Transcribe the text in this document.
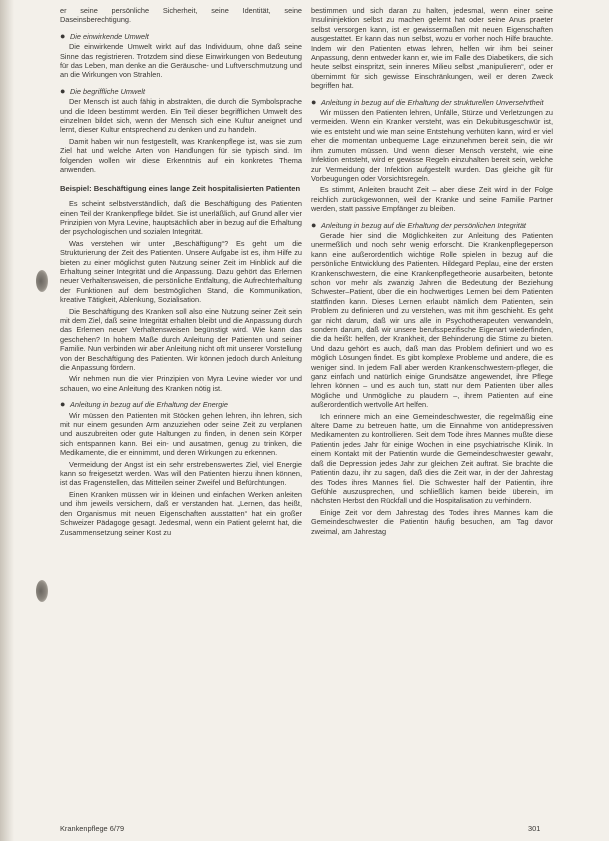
er seine persönliche Sicherheit, seine Identität, seine Daseinsberechtigung.

● Die einwirkende Umwelt

Die einwirkende Umwelt wirkt auf das Individuum, ohne daß seine Sinne das registrieren. Trotzdem sind diese Einwirkungen von Bedeutung für das Leben, man denke an die Geräusche- und Luftverschmutzung und an die Wirkungen von Strahlen.

● Die begriffliche Umwelt

Der Mensch ist auch fähig in abstrakten, die durch die Symbolsprache und die Ideen bestimmt werden. Ein Teil dieser begrifflichen Umwelt des einzelnen bildet sich, wenn der Mensch sich eine Kultur aneignet und lernt, dieser Kultur entsprechend zu denken und zu handeln.

Damit haben wir nun festgestellt, was Krankenpflege ist, was sie zum Ziel hat und welche Arten von Handlungen für sie typisch sind. Im folgenden wollen wir diese Erkenntnis auf ein konkretes Thema anwenden.

Beispiel: Beschäftigung eines lange Zeit hospitalisierten Patienten

Es scheint selbstverständlich, daß die Beschäftigung des Patienten einen Teil der Krankenpflege bildet. Sie ist unerläßlich, auf Grund aller vier Prinzipien von Myra Levine, hauptsächlich aber in bezug auf die Erhaltung der psychologischen und sozialen Integrität.

Was verstehen wir unter „Beschäftigung“? Es geht um die Strukturierung der Zeit des Patienten. Unsere Aufgabe ist es, ihm Hilfe zu bieten zu einer möglichst guten Nutzung seiner Zeit im Hinblick auf die Erhaltung seiner Integrität und die Anpassung. Dazu gehört das Erlernen neuer Verhaltensweisen, die persönliche Entfaltung, die Aufrechterhaltung der Funktionen auf dem bestmöglichen Stand, die Kommunikation, kreative Tätigkeit, Ablenkung, Sozialisation.

Die Beschäftigung des Kranken soll also eine Nutzung seiner Zeit sein mit dem Ziel, daß seine Integrität erhalten bleibt und die Anpassung durch das Erlernen neuer Verhaltensweisen begünstigt wird. Wie kann das geschehen? In hohem Maße durch Anleitung der Patienten und seiner Familie. Nun verbinden wir aber Anleitung nicht oft mit unserer Vorstellung von der Beschäftigung des Patienten. Wir können jedoch durch Anleitung die Anpassung fördern.

Wir nehmen nun die vier Prinzipien von Myra Levine wieder vor und schauen, wo eine Anleitung des Kranken nötig ist.

● Anleitung in bezug auf die Erhaltung der Energie

Wir müssen den Patienten mit Stöcken gehen lehren, ihn lehren, sich mit nur einem gesunden Arm anzuziehen oder seine Zeit zu verplanen und auszubreiten oder gute Haltungen zu finden, in denen sein Körper sich entspannen kann. Bei ein- und ausatmen, genug zu trinken, die Medikamente, die er einnimmt, und deren Wirkungen zu erkennen.

Vermeidung der Angst ist ein sehr erstrebenswertes Ziel, viel Energie kann so freigesetzt werden. Was will den Patienten hierzu ihnen können, ist das Fragenstellen, das Mitteilen seiner Zweifel und Befürchtungen.

Einen Kranken müssen wir in kleinen und einfachen Werken anleiten und ihm jeweils versichern, daß er verstanden hat. „Lernen, das heißt, den Organismus mit neuen Eigenschaften ausstatten“ hat ein großer Schweizer Pädagoge gesagt. Jedesmal, wenn ein Patient gelernt hat, die Zusammensetzung seiner Kost zu

bestimmen und sich daran zu halten, jedesmal, wenn einer seine Insulininjektion selbst zu machen gelernt hat oder seine Anus praeter selbst versorgen kann, ist er gewissermaßen mit neuen Eigenschaften ausgestattet. Er kann das nun selbst, wozu er vorher noch Hilfe brauchte. Indem wir den Patienten etwas lehren, helfen wir ihm bei seiner Anpassung, denn entweder kann er, wie im Falle des Diabetikers, die sich heute selbst einspritzt, sein inneres Milieu selbst „manipulieren“, oder er übernimmt für sich gewisse Einschränkungen, weil er deren Zweck begriffen hat.

● Anleitung in bezug auf die Erhaltung der strukturellen Unversehrtheit

Wir müssen den Patienten lehren, Unfälle, Stürze und Verletzungen zu vermeiden. Wenn ein Kranker versteht, was ein Dekubitusgeschwür ist, wie es entsteht und wie man seine Entstehung verhüten kann, wird er viel eher die momentan unbequeme Lage einzunehmen bereit sein, die wir ihm zumuten müssen. Und wenn dieser Mensch versteht, wie eine Infektion entsteht, wird er gewisse Regeln einzuhalten bereit sein, welche zur Vermeidung der Infektion aufgestellt wurden. Das gleiche gilt für Vorbeugungen oder Vorsichtsregeln.

Es stimmt, Anleiten braucht Zeit – aber diese Zeit wird in der Folge reichlich zurückgewonnen, weil der Kranke und seine Familie Partner werden, statt passive Empfänger zu bleiben.

● Anleitung in bezug auf die Erhaltung der persönlichen Integrität

Gerade hier sind die Möglichkeiten zur Anleitung des Patienten unermeßlich und noch sehr wenig erforscht. Die Krankenpflegeperson kann eine außerordentlich wichtige Rolle spielen in bezug auf die persönliche Entwicklung des Patienten. Hildegard Peplau, eine der ersten Krankenschwestern, die eine Krankenpflegetheorie ausarbeiten, betonte schon vor mehr als zwanzig Jahren die Bedeutung der Beziehung Schwester–Patient, über die ein hochwertiges Lernen bei dem Patienten stattfinden kann. Dieses Lernen erlaubt nämlich dem Patienten, sein Problem zu definieren und zu verstehen, was mit ihm geschieht. Es geht gar nicht darum, daß wir uns alle in Psychotherapeuten verwandeln, sondern darum, daß wir unsere berufsspezifische Eigenart wiederfinden, die da heißt: helfen, der Krankheit, der Behinderung die Stirne zu bieten. Und dazu gehört es auch, daß man das Problem definiert und wo es möglich Lösungen findet. Es gibt komplexe Probleme und andere, die es weniger sind. In jedem Fall aber werden Krankenschwestern-pfleger, die ganz einfach und natürlich einige Grundsätze angewendet, ihre Pflege lehren können – und es auch tun, statt nur dem Patienten über alles Mögliche und Unmögliche zu plaudern –, ihrem Patienten auf eine außerordentlich wertvolle Art helfen.

Ich erinnere mich an eine Gemeindeschwester, die regelmäßig eine ältere Dame zu betreuen hatte, um die Einnahme von antidepressiven Medikamenten zu kontrollieren. Seit dem Tode ihres Mannes mußte diese Patientin jedes Jahr für einige Wochen in eine psychiatrische Klinik. In einem Kontakt mit der Patientin wurde die Gemeindeschwester gewahr, daß die Depression jedes Jahr zur gleichen Zeit auftrat. Sie brachte die Patientin dazu, ihr zu sagen, daß dies die Zeit war, in der der Jahrestag des Todes ihres Mannes fiel. Die Schwester half der Patientin, ihre Gefühle auszusprechen, und schließlich kamen beide überein, im nächsten Herbst den Rückfall und die Hospitalisation zu verhindern.

Einige Zeit vor dem Jahrestag des Todes ihres Mannes kam die Gemeindeschwester die Patientin häufig besuchen, am Tag davor zweimal, am Jahrestag

Krankenpflege 6/79	301
